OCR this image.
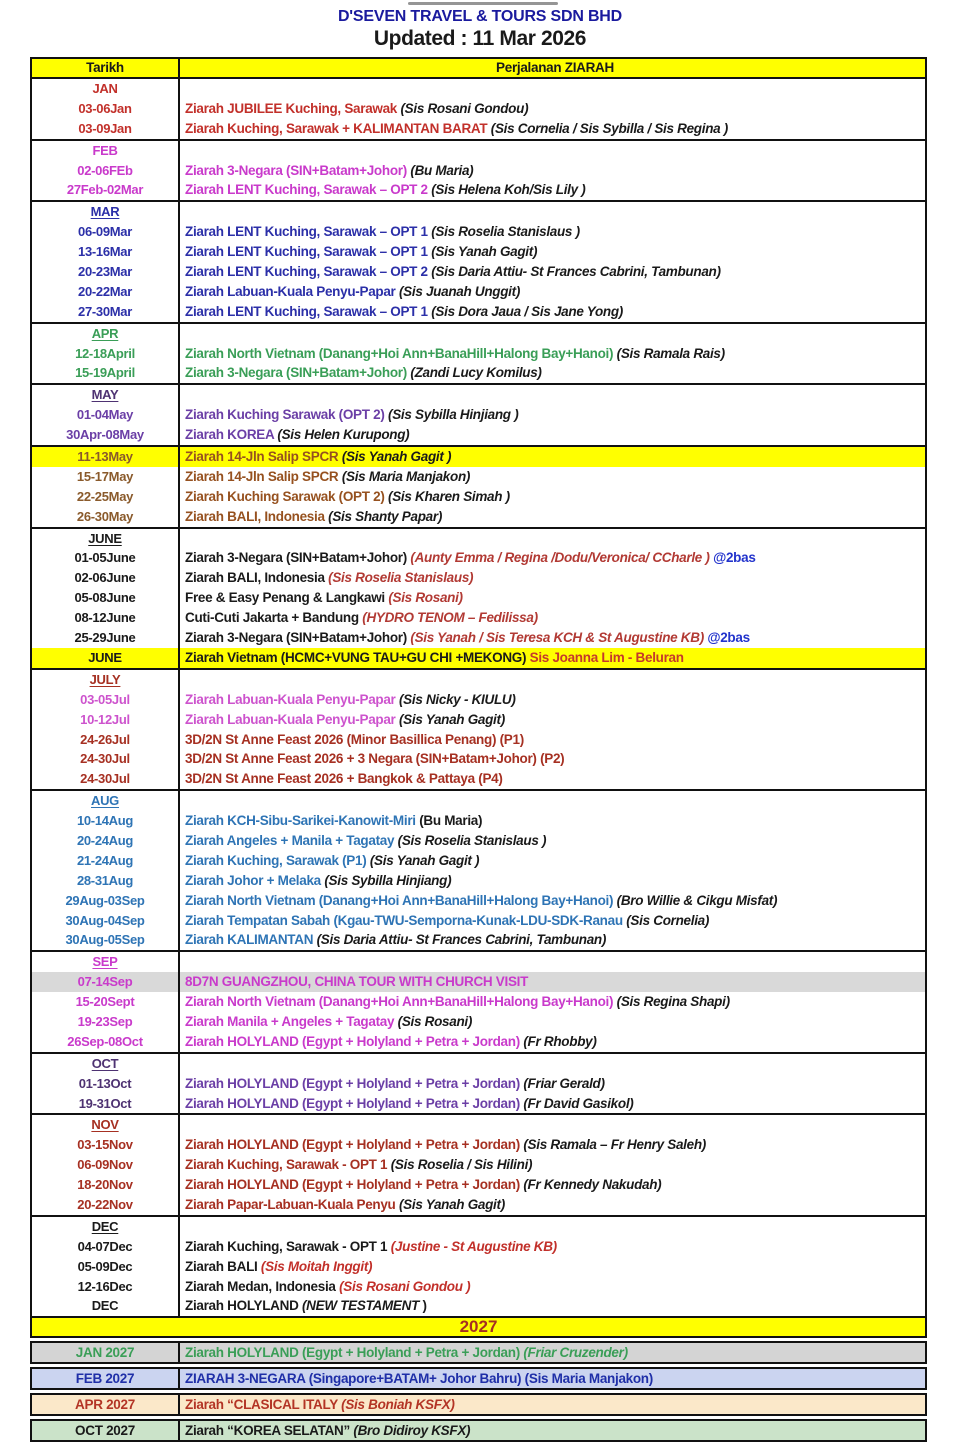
D'SEVEN TRAVEL & TOURS SDN BHD
Updated : 11 Mar 2026
Tarikh	Perjalanan ZIARAH
JAN
03-06Jan	Ziarah JUBILEE Kuching, Sarawak (Sis Rosani Gondou)
03-09Jan	Ziarah Kuching, Sarawak + KALIMANTAN BARAT (Sis Cornelia / Sis Sybilla / Sis Regina )
FEB
02-06FEb	Ziarah 3-Negara (SIN+Batam+Johor) (Bu Maria)
27Feb-02Mar	Ziarah LENT Kuching, Sarawak – OPT 2 (Sis Helena Koh/Sis Lily )
MAR
06-09Mar	Ziarah LENT Kuching, Sarawak – OPT 1 (Sis Roselia Stanislaus )
13-16Mar	Ziarah LENT Kuching, Sarawak – OPT 1 (Sis Yanah Gagit)
20-23Mar	Ziarah LENT Kuching, Sarawak – OPT 2 (Sis Daria Attiu- St Frances Cabrini, Tambunan)
20-22Mar	Ziarah Labuan-Kuala Penyu-Papar (Sis Juanah Unggit)
27-30Mar	Ziarah LENT Kuching, Sarawak – OPT 1 (Sis Dora Jaua / Sis Jane Yong)
APR
12-18April	Ziarah North Vietnam (Danang+Hoi Ann+BanaHill+Halong Bay+Hanoi) (Sis Ramala Rais)
15-19April	Ziarah 3-Negara (SIN+Batam+Johor) (Zandi Lucy Komilus)
MAY
01-04May	Ziarah Kuching Sarawak (OPT 2) (Sis Sybilla Hinjiang )
30Apr-08May	Ziarah KOREA (Sis Helen Kurupong)
11-13May	Ziarah 14-Jln Salip SPCR (Sis Yanah Gagit )
15-17May	Ziarah 14-Jln Salip SPCR (Sis Maria Manjakon)
22-25May	Ziarah Kuching Sarawak (OPT 2) (Sis Kharen Simah )
26-30May	Ziarah BALI, Indonesia (Sis Shanty Papar)
JUNE
01-05June	Ziarah 3-Negara (SIN+Batam+Johor) (Aunty Emma / Regina /Dodu/Veronica/ CCharle ) @2bas
02-06June	Ziarah BALI, Indonesia (Sis Roselia Stanislaus)
05-08June	Free & Easy Penang & Langkawi (Sis Rosani)
08-12June	Cuti-Cuti Jakarta + Bandung (HYDRO TENOM – Fedilissa)
25-29June	Ziarah 3-Negara (SIN+Batam+Johor) (Sis Yanah / Sis Teresa KCH & St Augustine KB) @2bas
JUNE	Ziarah Vietnam (HCMC+VUNG TAU+GU CHI +MEKONG) Sis Joanna Lim - Beluran
JULY
03-05Jul	Ziarah Labuan-Kuala Penyu-Papar (Sis Nicky - KIULU)
10-12Jul	Ziarah Labuan-Kuala Penyu-Papar (Sis Yanah Gagit)
24-26Jul	3D/2N St Anne Feast 2026 (Minor Basillica Penang) (P1)
24-30Jul	3D/2N St Anne Feast 2026 + 3 Negara (SIN+Batam+Johor) (P2)
24-30Jul	3D/2N St Anne Feast 2026 + Bangkok & Pattaya (P4)
AUG
10-14Aug	Ziarah KCH-Sibu-Sarikei-Kanowit-Miri (Bu Maria)
20-24Aug	Ziarah Angeles + Manila + Tagatay (Sis Roselia Stanislaus )
21-24Aug	Ziarah Kuching, Sarawak (P1) (Sis Yanah Gagit )
28-31Aug	Ziarah Johor + Melaka (Sis Sybilla Hinjiang)
29Aug-03Sep	Ziarah North Vietnam (Danang+Hoi Ann+BanaHill+Halong Bay+Hanoi) (Bro Willie & Cikgu Misfat)
30Aug-04Sep	Ziarah Tempatan Sabah (Kgau-TWU-Semporna-Kunak-LDU-SDK-Ranau (Sis Cornelia)
30Aug-05Sep	Ziarah KALIMANTAN (Sis Daria Attiu- St Frances Cabrini, Tambunan)
SEP
07-14Sep	8D7N GUANGZHOU, CHINA TOUR WITH CHURCH VISIT
15-20Sept	Ziarah North Vietnam (Danang+Hoi Ann+BanaHill+Halong Bay+Hanoi) (Sis Regina Shapi)
19-23Sep	Ziarah Manila + Angeles + Tagatay (Sis Rosani)
26Sep-08Oct	Ziarah HOLYLAND (Egypt + Holyland + Petra + Jordan) (Fr Rhobby)
OCT
01-13Oct	Ziarah HOLYLAND (Egypt + Holyland + Petra + Jordan) (Friar Gerald)
19-31Oct	Ziarah HOLYLAND (Egypt + Holyland + Petra + Jordan) (Fr David Gasikol)
NOV
03-15Nov	Ziarah HOLYLAND (Egypt + Holyland + Petra + Jordan) (Sis Ramala – Fr Henry Saleh)
06-09Nov	Ziarah Kuching, Sarawak - OPT 1 (Sis Roselia / Sis Hilini)
18-20Nov	Ziarah HOLYLAND (Egypt + Holyland + Petra + Jordan) (Fr Kennedy Nakudah)
20-22Nov	Ziarah Papar-Labuan-Kuala Penyu (Sis Yanah Gagit)
DEC
04-07Dec	Ziarah Kuching, Sarawak - OPT 1 (Justine - St Augustine KB)
05-09Dec	Ziarah BALI (Sis Moitah Inggit)
12-16Dec	Ziarah Medan, Indonesia (Sis Rosani Gondou )
DEC	Ziarah HOLYLAND (NEW TESTAMENT )
2027
JAN 2027	Ziarah HOLYLAND (Egypt + Holyland + Petra + Jordan) (Friar Cruzender)
FEB 2027	ZIARAH 3-NEGARA (Singapore+BATAM+ Johor Bahru) (Sis Maria Manjakon)
APR 2027	Ziarah “CLASICAL ITALY (Sis Boniah KSFX)
OCT 2027	Ziarah “KOREA SELATAN” (Bro Didiroy KSFX)
